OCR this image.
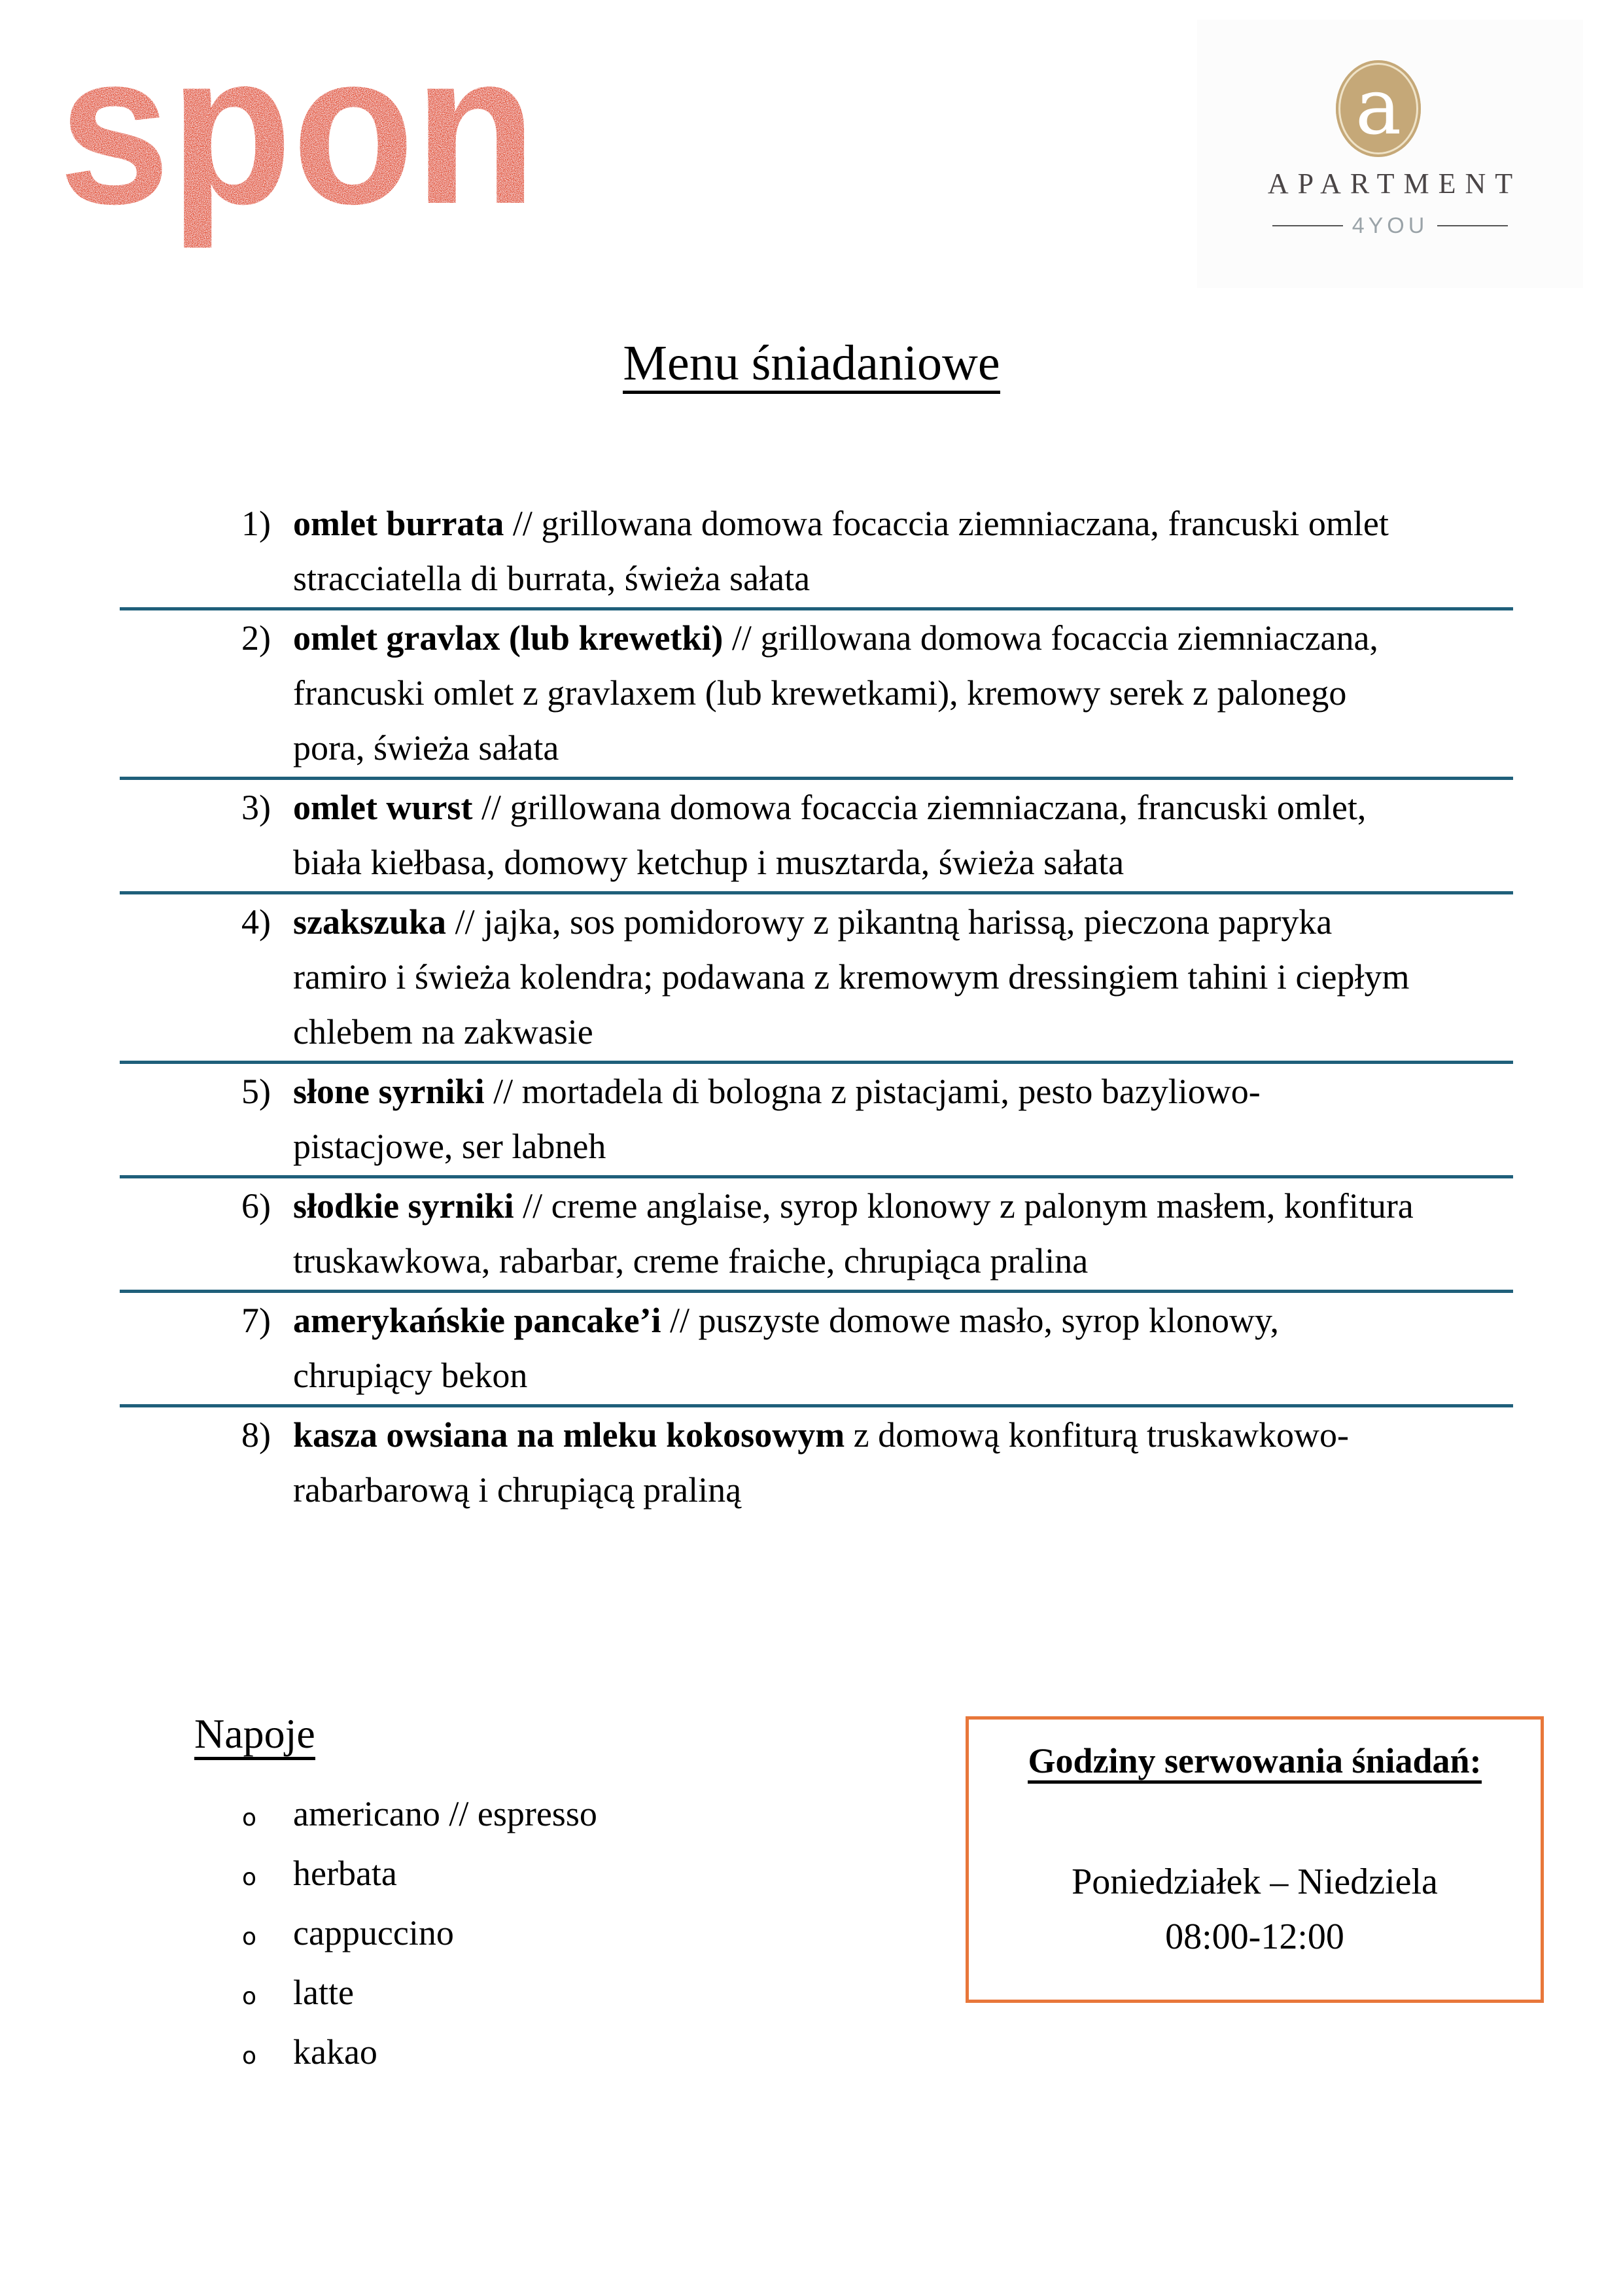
spon	a
APARTMENT
4YOU
Menu śniadaniowe
1) omlet burrata // grillowana domowa focaccia ziemniaczana, francuski omlet stracciatella di burrata, świeża sałata
2) omlet gravlax (lub krewetki) // grillowana domowa focaccia ziemniaczana, francuski omlet z gravlaxem (lub krewetkami), kremowy serek z palonego pora, świeża sałata
3) omlet wurst // grillowana domowa focaccia ziemniaczana, francuski omlet, biała kiełbasa, domowy ketchup i musztarda, świeża sałata
4) szakszuka // jajka, sos pomidorowy z pikantną harissą, pieczona papryka ramiro i świeża kolendra; podawana z kremowym dressingiem tahini i ciepłym chlebem na zakwasie
5) słone syrniki // mortadela di bologna z pistacjami, pesto bazyliowo-pistacjowe, ser labneh
6) słodkie syrniki // creme anglaise, syrop klonowy z palonym masłem, konfitura truskawkowa, rabarbar, creme fraiche, chrupiąca pralina
7) amerykańskie pancake’i // puszyste domowe masło, syrop klonowy, chrupiący bekon
8) kasza owsiana na mleku kokosowym z domową konfiturą truskawkowo-rabarbarową i chrupiącą praliną
Napoje
o	americano // espresso
o	herbata
o	cappuccino
o	latte
o	kakao
Godziny serwowania śniadań:
Poniedziałek – Niedziela
08:00-12:00
